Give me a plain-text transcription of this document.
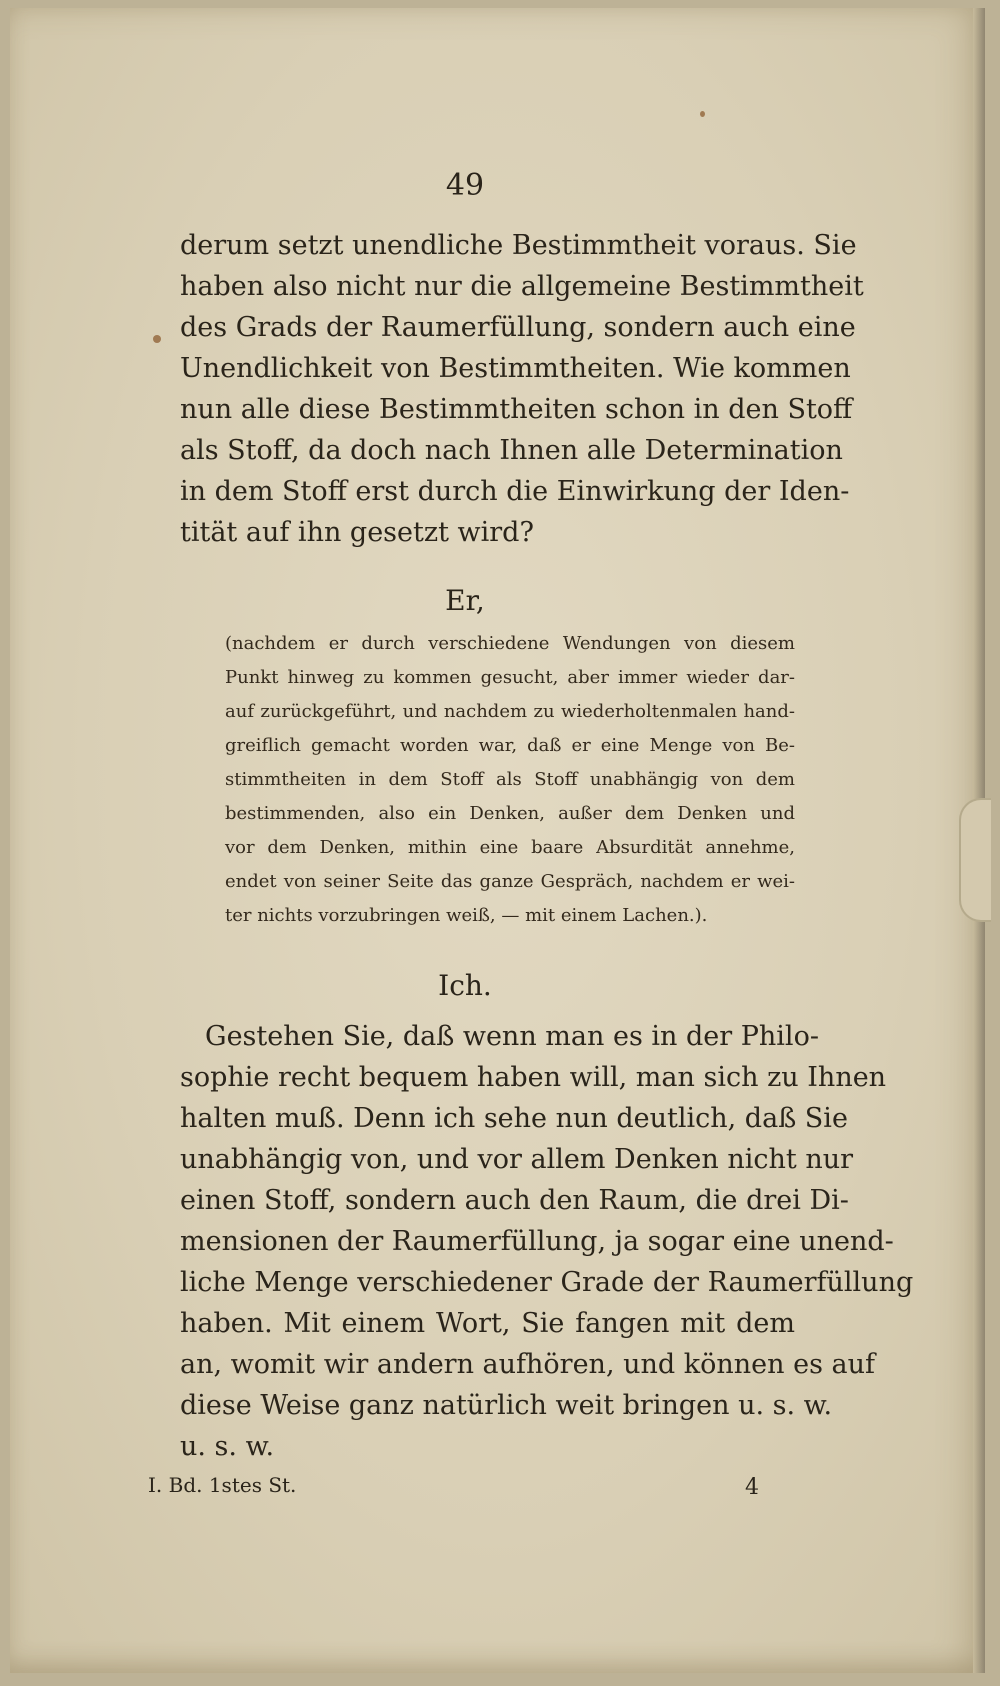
49
derum setzt unendliche Bestimmtheit voraus. Sie
haben also nicht nur die allgemeine Bestimmtheit
des Grads der Raumerfüllung, sondern auch eine
Unendlichkeit von Bestimmtheiten. Wie kommen
nun alle diese Bestimmtheiten schon in den Stoff
als Stoff, da doch nach Ihnen alle Determination
in dem Stoff erst durch die Einwirkung der Iden-
tität auf ihn gesetzt wird?
Er,
(nachdem er durch verschiedene Wendungen von diesem
Punkt hinweg zu kommen gesucht, aber immer wieder dar-
auf zurückgeführt, und nachdem zu wiederholtenmalen hand-
greiflich gemacht worden war, daß er eine Menge von Be-
stimmtheiten in dem Stoff als Stoff unabhängig von dem
bestimmenden, also ein Denken, außer dem Denken und
vor dem Denken, mithin eine baare Absurdität annehme,
endet von seiner Seite das ganze Gespräch, nachdem er wei-
ter nichts vorzubringen weiß, — mit einem Lachen.).
Ich.
Gestehen Sie, daß wenn man es in der Philo-
sophie recht bequem haben will, man sich zu Ihnen
halten muß. Denn ich sehe nun deutlich, daß Sie
unabhängig von, und vor allem Denken nicht nur
einen Stoff, sondern auch den Raum, die drei Di-
mensionen der Raumerfüllung, ja sogar eine unend-
liche Menge verschiedener Grade der Raumerfüllung
haben. Mit einem Wort, Sie fangen mit dem
an, womit wir andern aufhören, und können es auf
diese Weise ganz natürlich weit bringen u. s. w.
u. s. w.
I. Bd. 1stes St.	4
